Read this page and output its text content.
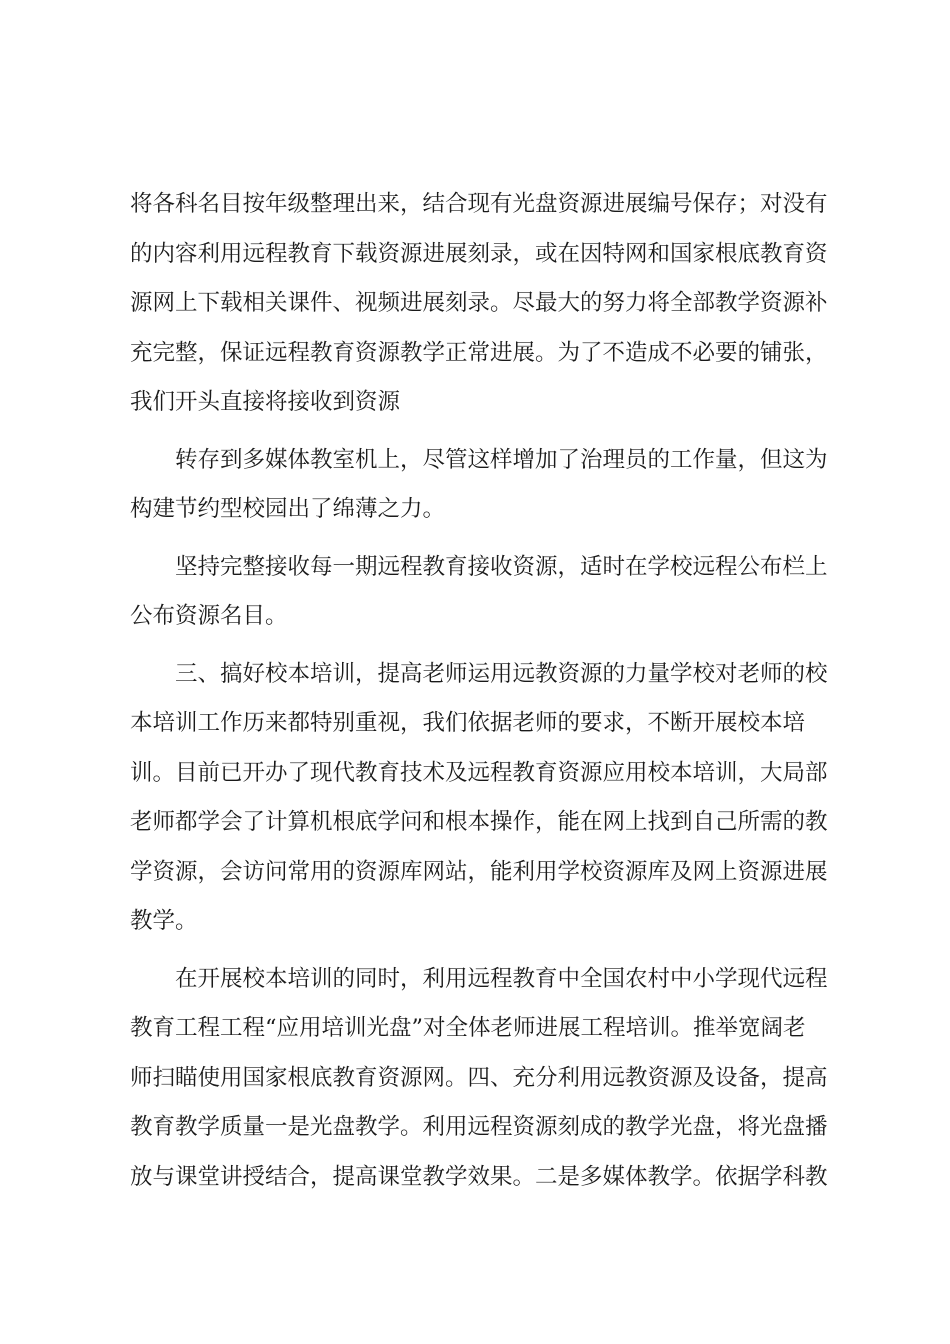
将各科名目按年级整理出来，结合现有光盘资源进展编号保存；对没有
的内容利用远程教育下载资源进展刻录，或在因特网和国家根底教育资
源网上下载相关课件、视频进展刻录。尽最大的努力将全部教学资源补
充完整，保证远程教育资源教学正常进展。为了不造成不必要的铺张，
我们开头直接将接收到资源
转存到多媒体教室机上，尽管这样增加了治理员的工作量，但这为
构建节约型校园出了绵薄之力。
坚持完整接收每一期远程教育接收资源，适时在学校远程公布栏上
公布资源名目。
三、搞好校本培训，提高老师运用远教资源的力量学校对老师的校
本培训工作历来都特别重视，我们依据老师的要求，不断开展校本培
训。目前已开办了现代教育技术及远程教育资源应用校本培训，大局部
老师都学会了计算机根底学问和根本操作，能在网上找到自己所需的教
学资源，会访问常用的资源库网站，能利用学校资源库及网上资源进展
教学。
在开展校本培训的同时，利用远程教育中全国农村中小学现代远程
教育工程工程“应用培训光盘”对全体老师进展工程培训。推举宽阔老
师扫瞄使用国家根底教育资源网。四、充分利用远教资源及设备，提高
教育教学质量一是光盘教学。利用远程资源刻成的教学光盘，将光盘播
放与课堂讲授结合，提高课堂教学效果。二是多媒体教学。依据学科教
